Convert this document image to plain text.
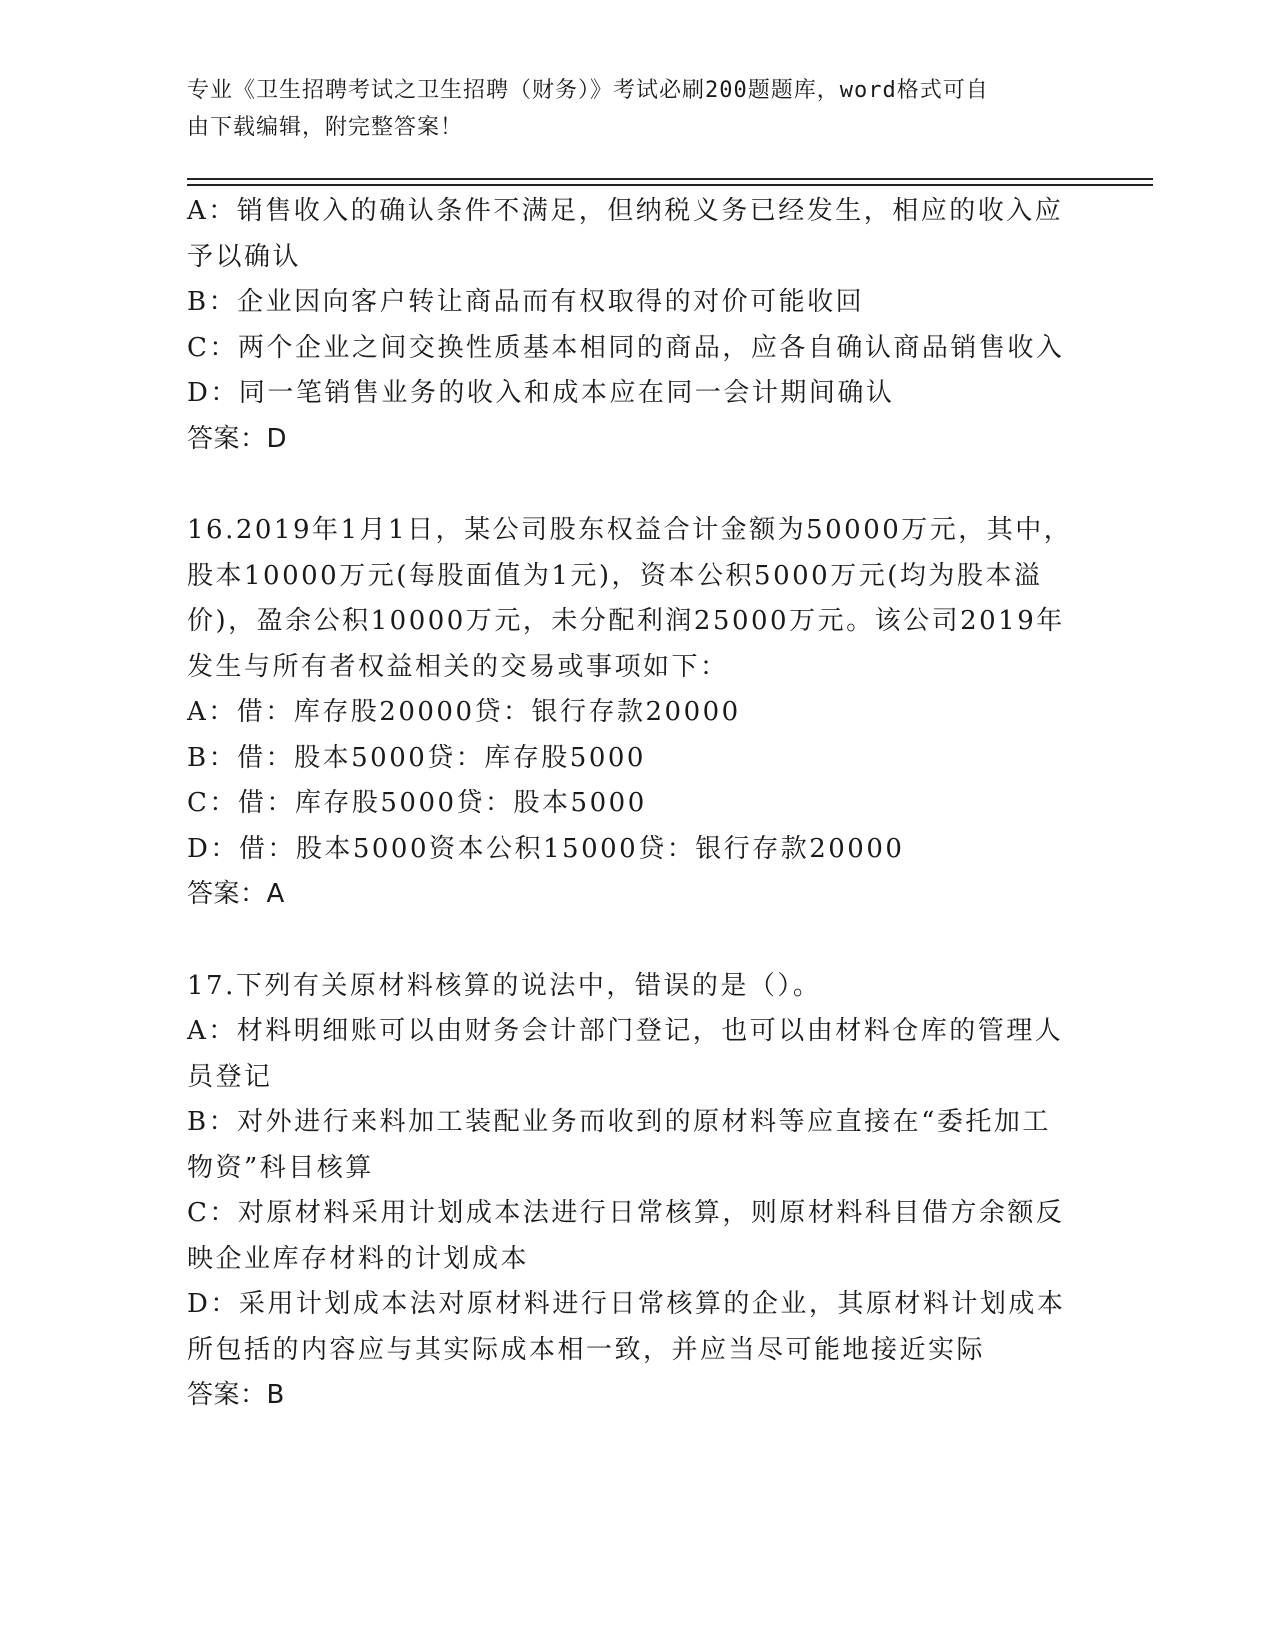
专业《卫生招聘考试之卫生招聘（财务）》考试必刷200题题库，word格式可自
由下载编辑，附完整答案！
A：销售收入的确认条件不满足，但纳税义务已经发生，相应的收入应
予以确认
B：企业因向客户转让商品而有权取得的对价可能收回
C：两个企业之间交换性质基本相同的商品，应各自确认商品销售收入
D：同一笔销售业务的收入和成本应在同一会计期间确认
答案：D
16.2019年1月1日，某公司股东权益合计金额为50000万元，其中，
股本10000万元(每股面值为1元)，资本公积5000万元(均为股本溢
价)，盈余公积10000万元，未分配利润25000万元。该公司2019年
发生与所有者权益相关的交易或事项如下：
A：借：库存股20000贷：银行存款20000
B：借：股本5000贷：库存股5000
C：借：库存股5000贷：股本5000
D：借：股本5000资本公积15000贷：银行存款20000
答案：A
17.下列有关原材料核算的说法中，错误的是（）。
A：材料明细账可以由财务会计部门登记，也可以由材料仓库的管理人
员登记
B：对外进行来料加工装配业务而收到的原材料等应直接在“委托加工
物资”科目核算
C：对原材料采用计划成本法进行日常核算，则原材料科目借方余额反
映企业库存材料的计划成本
D：采用计划成本法对原材料进行日常核算的企业，其原材料计划成本
所包括的内容应与其实际成本相一致，并应当尽可能地接近实际
答案：B
